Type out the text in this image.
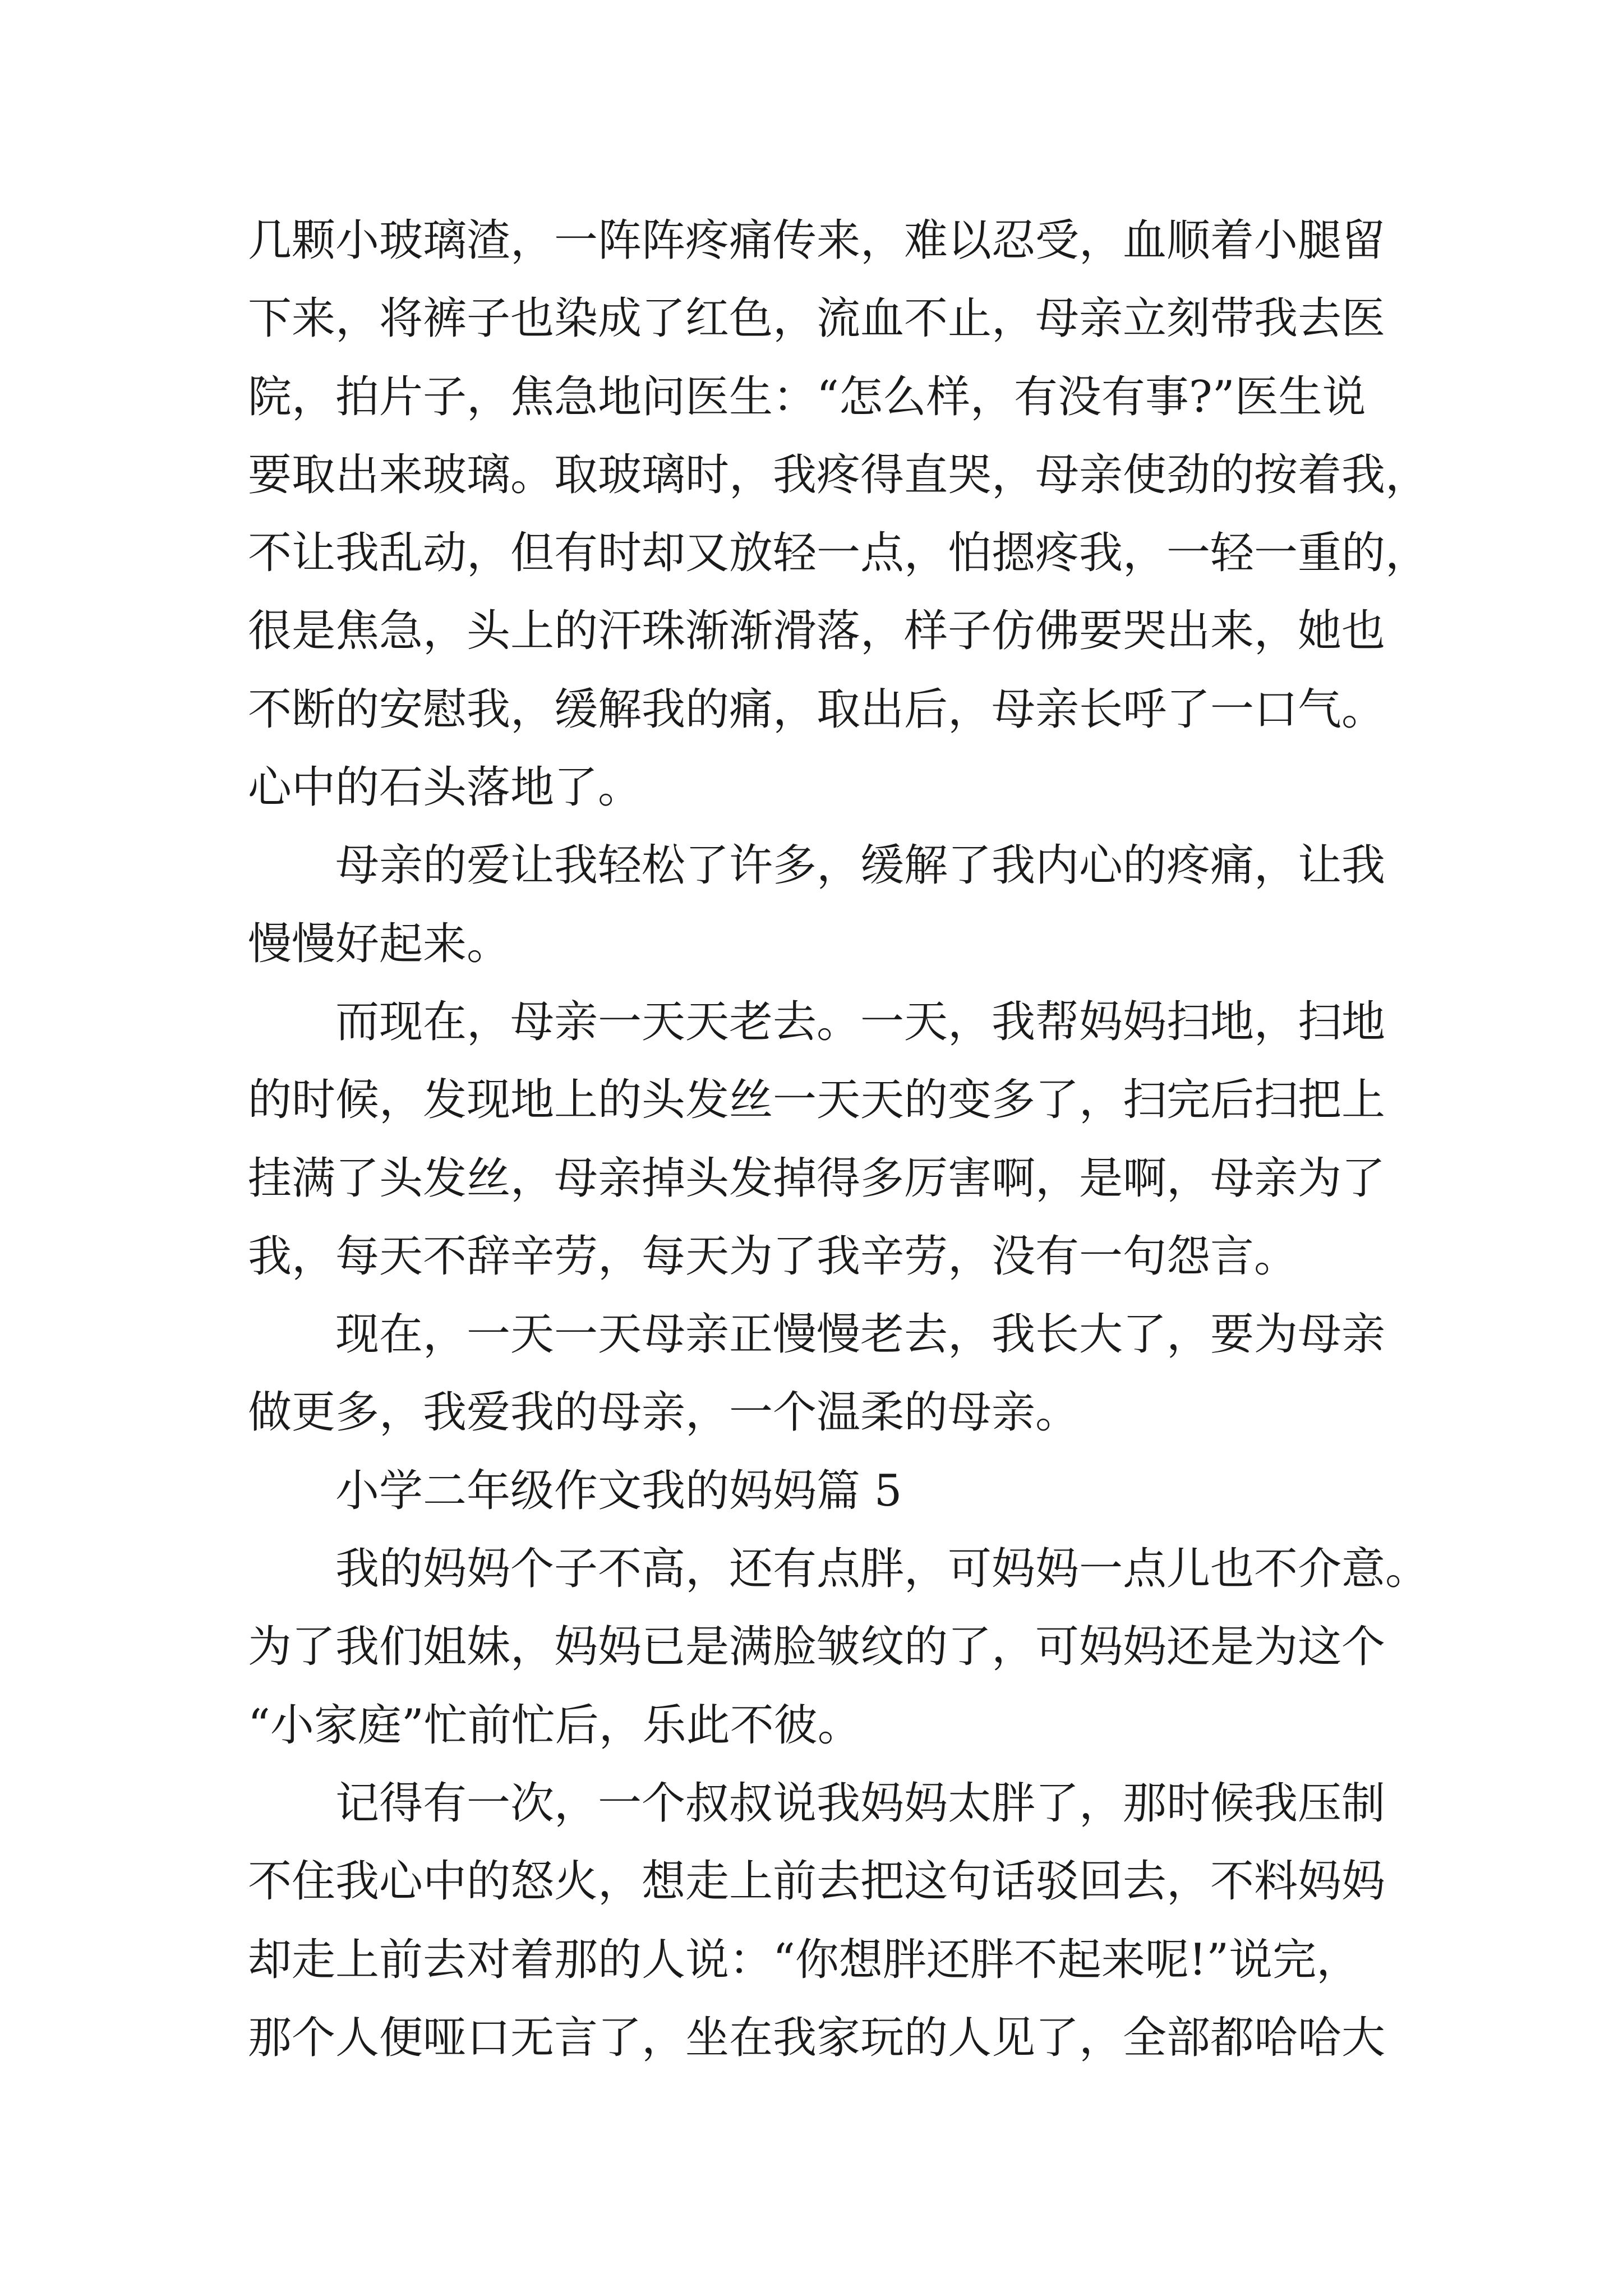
几颗小玻璃渣，一阵阵疼痛传来，难以忍受，血顺着小腿留
下来，将裤子也染成了红色，流血不止，母亲立刻带我去医
院，拍片子，焦急地问医生：“怎么样，有没有事?”医生说
要取出来玻璃。取玻璃时，我疼得直哭，母亲使劲的按着我，
不让我乱动，但有时却又放轻一点，怕摁疼我，一轻一重的，
很是焦急，头上的汗珠渐渐滑落，样子仿佛要哭出来，她也
不断的安慰我，缓解我的痛，取出后，母亲长呼了一口气。
心中的石头落地了。
母亲的爱让我轻松了许多，缓解了我内心的疼痛，让我
慢慢好起来。
而现在，母亲一天天老去。一天，我帮妈妈扫地，扫地
的时候，发现地上的头发丝一天天的变多了，扫完后扫把上
挂满了头发丝，母亲掉头发掉得多厉害啊，是啊，母亲为了
我，每天不辞辛劳，每天为了我辛劳，没有一句怨言。
现在，一天一天母亲正慢慢老去，我长大了，要为母亲
做更多，我爱我的母亲，一个温柔的母亲。
小学二年级作文我的妈妈篇 5
我的妈妈个子不高，还有点胖，可妈妈一点儿也不介意。
为了我们姐妹，妈妈已是满脸皱纹的了，可妈妈还是为这个
“小家庭”忙前忙后，乐此不彼。
记得有一次，一个叔叔说我妈妈太胖了，那时候我压制
不住我心中的怒火，想走上前去把这句话驳回去，不料妈妈
却走上前去对着那的人说：“你想胖还胖不起来呢!”说完，
那个人便哑口无言了，坐在我家玩的人见了，全部都哈哈大
